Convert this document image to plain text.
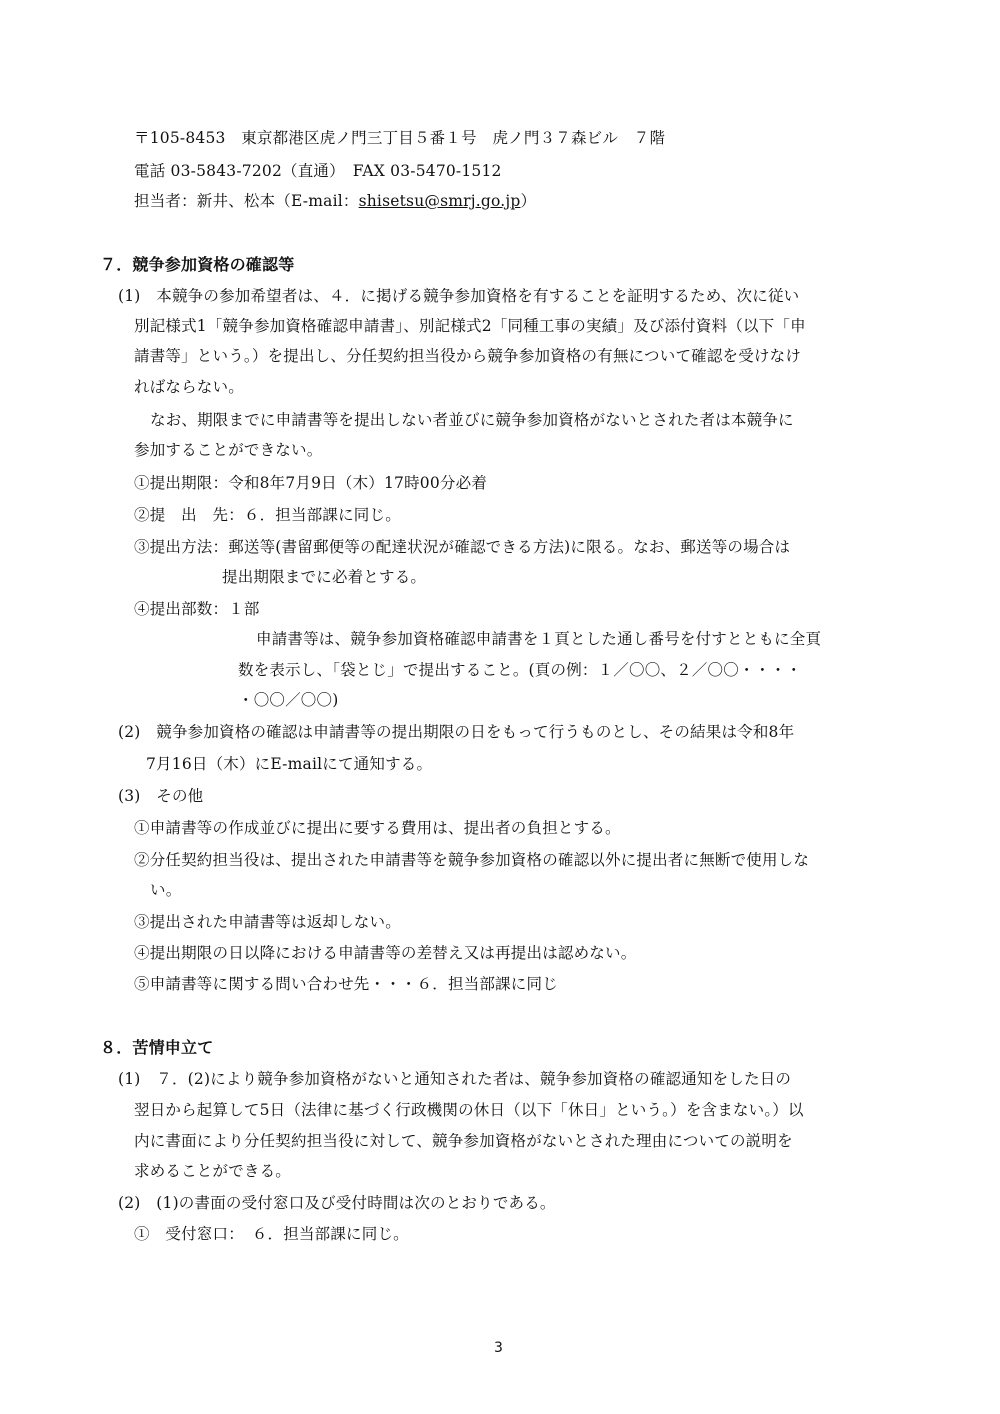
〒105-8453　東京都港区虎ノ門三丁目５番１号　虎ノ門３７森ビル　７階
電話 03-5843-7202（直通）　FAX 03-5470-1512
担当者：新井、松本（E-mail：shisetsu@smrj.go.jp）
７．競争参加資格の確認等
(1)　本競争の参加希望者は、４．に掲げる競争参加資格を有することを証明するため、次に従い
別記様式1「競争参加資格確認申請書」、別記様式2「同種工事の実績」及び添付資料（以下「申
請書等」という。）を提出し、分任契約担当役から競争参加資格の有無について確認を受けなけ
ればならない。
なお、期限までに申請書等を提出しない者並びに競争参加資格がないとされた者は本競争に
参加することができない。
①提出期限：令和8年7月9日（木）17時00分必着
②提　出　先：６．担当部課に同じ。
③提出方法：郵送等(書留郵便等の配達状況が確認できる方法)に限る。なお、郵送等の場合は
提出期限までに必着とする。
④提出部数：１部
申請書等は、競争参加資格確認申請書を１頁とした通し番号を付すとともに全頁
数を表示し、「袋とじ」で提出すること。(頁の例：１／〇〇、２／〇〇・・・・
・〇〇／〇〇)
(2)　競争参加資格の確認は申請書等の提出期限の日をもって行うものとし、その結果は令和8年
7月16日（木）にE-mailにて通知する。
(3)　その他
①申請書等の作成並びに提出に要する費用は、提出者の負担とする。
②分任契約担当役は、提出された申請書等を競争参加資格の確認以外に提出者に無断で使用しな
い。
③提出された申請書等は返却しない。
④提出期限の日以降における申請書等の差替え又は再提出は認めない。
⑤申請書等に関する問い合わせ先・・・６．担当部課に同じ
８．苦情申立て
(1)　７．(2)により競争参加資格がないと通知された者は、競争参加資格の確認通知をした日の
翌日から起算して5日（法律に基づく行政機関の休日（以下「休日」という。）を含まない。）以
内に書面により分任契約担当役に対して、競争参加資格がないとされた理由についての説明を
求めることができる。
(2)　(1)の書面の受付窓口及び受付時間は次のとおりである。
①　受付窓口：　６．担当部課に同じ。
3
